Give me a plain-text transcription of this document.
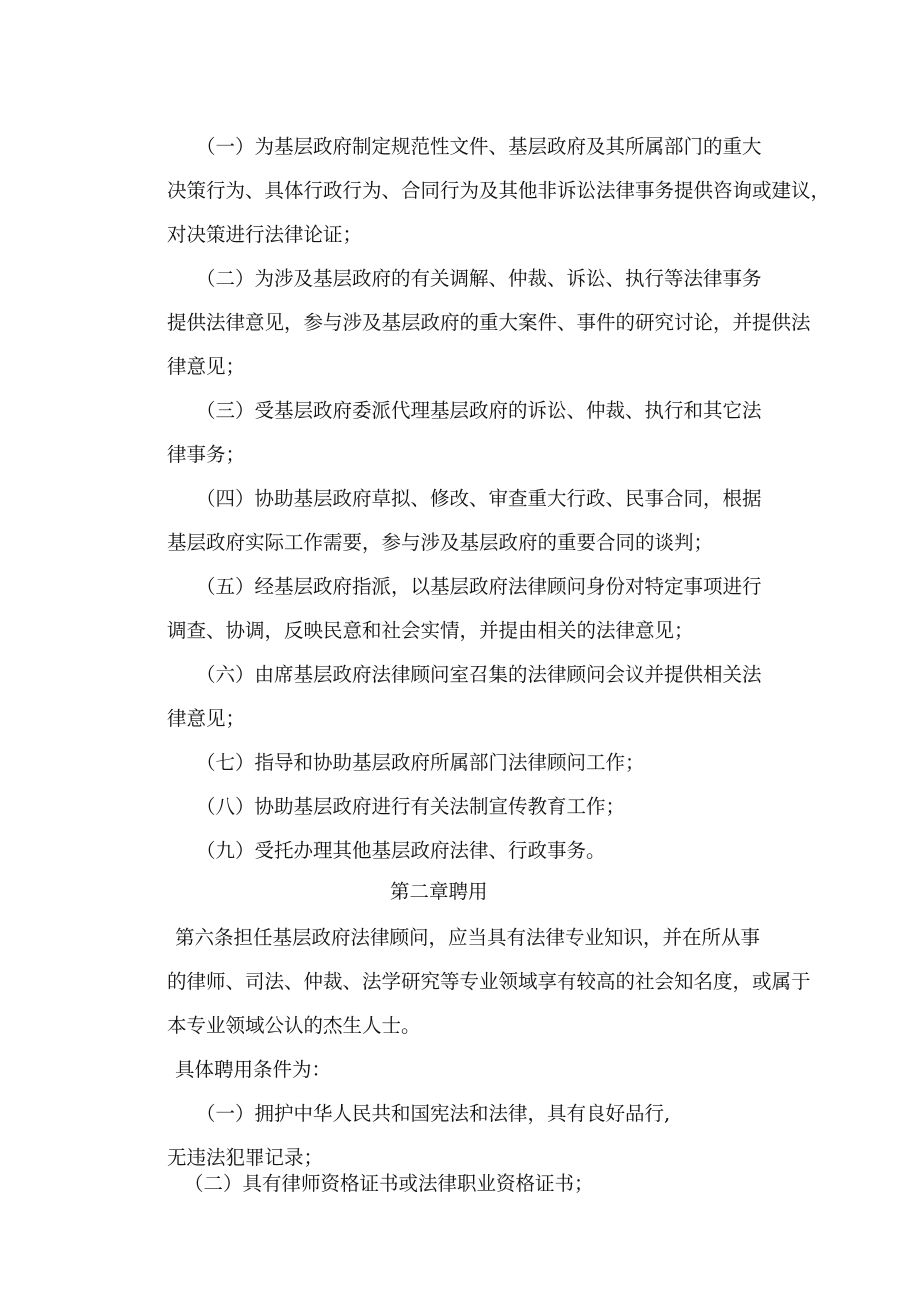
（一）为基层政府制定规范性文件、基层政府及其所属部门的重大
决策行为、具体行政行为、合同行为及其他非诉讼法律事务提供咨询或建议，
对决策进行法律论证；
（二）为涉及基层政府的有关调解、仲裁、诉讼、执行等法律事务
提供法律意见，参与涉及基层政府的重大案件、事件的研究讨论，并提供法
律意见；
（三）受基层政府委派代理基层政府的诉讼、仲裁、执行和其它法
律事务；
（四）协助基层政府草拟、修改、审查重大行政、民事合同，根据
基层政府实际工作需要，参与涉及基层政府的重要合同的谈判；
（五）经基层政府指派，以基层政府法律顾问身份对特定事项进行
调查、协调，反映民意和社会实情，并提由相关的法律意见；
（六）由席基层政府法律顾问室召集的法律顾问会议并提供相关法
律意见；
（七）指导和协助基层政府所属部门法律顾问工作；
（八）协助基层政府进行有关法制宣传教育工作；
（九）受托办理其他基层政府法律、行政事务。
第二章聘用
第六条担任基层政府法律顾问，应当具有法律专业知识，并在所从事
的律师、司法、仲裁、法学研究等专业领域享有较高的社会知名度，或属于
本专业领域公认的杰生人士。
具体聘用条件为：
（一）拥护中华人民共和国宪法和法律，具有良好品行,
无违法犯罪记录；
（二）具有律师资格证书或法律职业资格证书；
